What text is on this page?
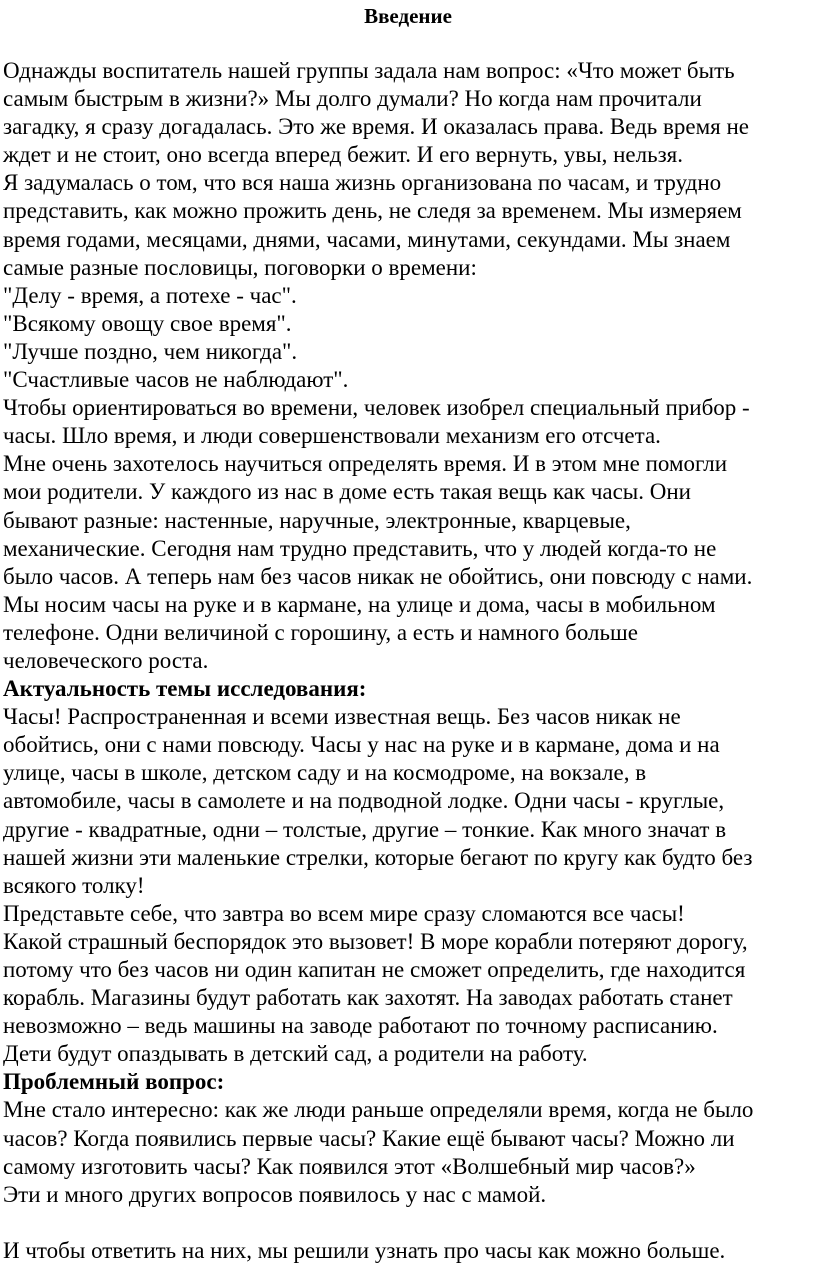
Введение
Однажды воспитатель нашей группы задала нам вопрос: «Что может быть
самым быстрым в жизни?» Мы долго думали? Но когда нам прочитали
загадку, я сразу догадалась. Это же время. И оказалась права. Ведь время не
ждет и не стоит, оно всегда вперед бежит. И его вернуть, увы, нельзя.
Я задумалась о том, что вся наша жизнь организована по часам, и трудно
представить, как можно прожить день, не следя за временем. Мы измеряем
время годами, месяцами, днями, часами, минутами, секундами. Мы знаем
самые разные пословицы, поговорки о времени:
"Делу - время, а потехе - час".
"Всякому овощу свое время".
"Лучше поздно, чем никогда".
"Счастливые часов не наблюдают".
Чтобы ориентироваться во времени, человек изобрел специальный прибор -
часы. Шло время, и люди совершенствовали механизм его отсчета.
Мне очень захотелось научиться определять время. И в этом мне помогли
мои родители. У каждого из нас в доме есть такая вещь как часы. Они
бывают разные: настенные, наручные, электронные, кварцевые,
механические. Сегодня нам трудно представить, что у людей когда-то не
было часов. А теперь нам без часов никак не обойтись, они повсюду с нами.
Мы носим часы на руке и в кармане, на улице и дома, часы в мобильном
телефоне. Одни величиной с горошину, а есть и намного больше
человеческого роста.
Актуальность темы исследования:
Часы! Распространенная и всеми известная вещь. Без часов никак не
обойтись, они с нами повсюду. Часы у нас на руке и в кармане, дома и на
улице, часы в школе, детском саду и на космодроме, на вокзале, в
автомобиле, часы в самолете и на подводной лодке. Одни часы - круглые,
другие - квадратные, одни – толстые, другие – тонкие. Как много значат в
нашей жизни эти маленькие стрелки, которые бегают по кругу как будто без
всякого толку!
Представьте себе, что завтра во всем мире сразу сломаются все часы!
Какой страшный беспорядок это вызовет! В море корабли потеряют дорогу,
потому что без часов ни один капитан не сможет определить, где находится
корабль. Магазины будут работать как захотят. На заводах работать станет
невозможно – ведь машины на заводе работают по точному расписанию.
Дети будут опаздывать в детский сад, а родители на работу.
Проблемный вопрос:
Мне стало интересно: как же люди раньше определяли время, когда не было
часов? Когда появились первые часы? Какие ещё бывают часы? Можно ли
самому изготовить часы? Как появился этот «Волшебный мир часов?»
Эти и много других вопросов появилось у нас с мамой.
И чтобы ответить на них, мы решили узнать про часы как можно больше.
